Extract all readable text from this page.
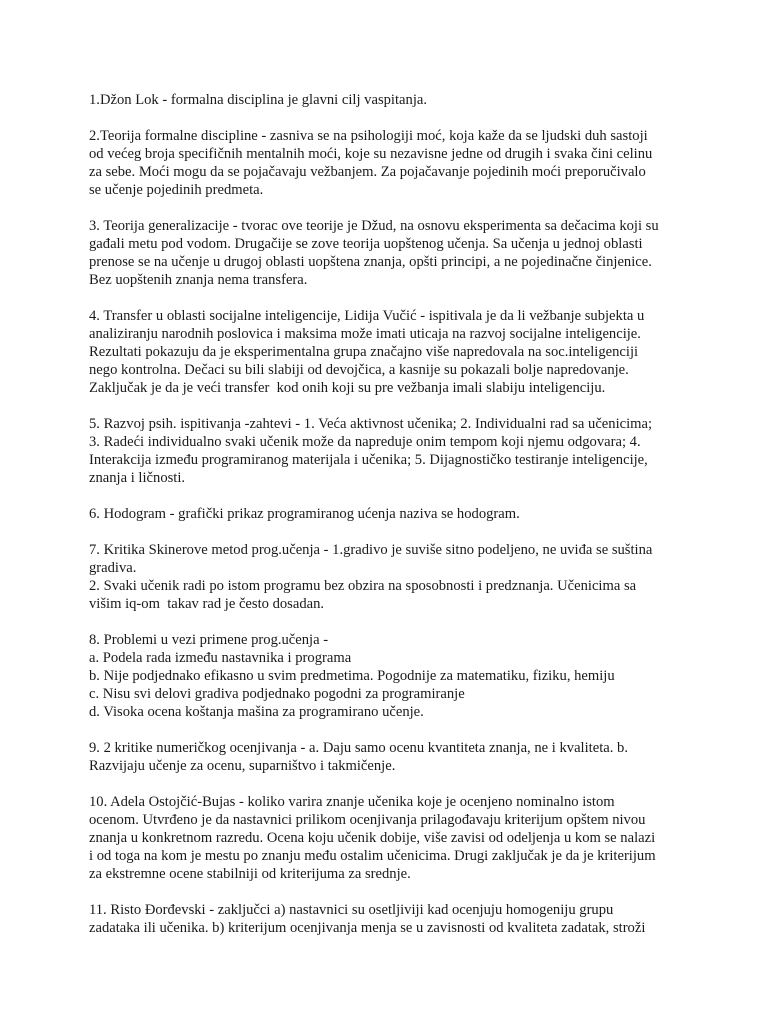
1.Džon Lok - formalna disciplina je glavni cilj vaspitanja.
2.Teorija formalne discipline - zasniva se na psihologiji moć, koja kaže da se ljudski duh sastoji
od većeg broja specifičnih mentalnih moći, koje su nezavisne jedne od drugih i svaka čini celinu
za sebe. Moći mogu da se pojačavaju vežbanjem. Za pojačavanje pojedinih moći preporučivalo
se učenje pojedinih predmeta.
3. Teorija generalizacije - tvorac ove teorije je Džud, na osnovu eksperimenta sa dečacima koji su
gađali metu pod vodom. Drugačije se zove teorija uopštenog učenja. Sa učenja u jednoj oblasti
prenose se na učenje u drugoj oblasti uopštena znanja, opšti principi, a ne pojedinačne činjenice.
Bez uopštenih znanja nema transfera.
4. Transfer u oblasti socijalne inteligencije, Lidija Vučić - ispitivala je da li vežbanje subjekta u
analiziranju narodnih poslovica i maksima može imati uticaja na razvoj socijalne inteligencije.
Rezultati pokazuju da je eksperimentalna grupa značajno više napredovala na soc.inteligenciji
nego kontrolna. Dečaci su bili slabiji od devojčica, a kasnije su pokazali bolje napredovanje.
Zaključak je da je veći transfer  kod onih koji su pre vežbanja imali slabiju inteligenciju.
5. Razvoj psih. ispitivanja -zahtevi - 1. Veća aktivnost učenika; 2. Individualni rad sa učenicima;
3. Radeći individualno svaki učenik može da napreduje onim tempom koji njemu odgovara; 4.
Interakcija između programiranog materijala i učenika; 5. Dijagnostičko testiranje inteligencije,
znanja i ličnosti.
6. Hodogram - grafički prikaz programiranog ućenja naziva se hodogram.
7. Kritika Skinerove metod prog.učenja - 1.gradivo je suviše sitno podeljeno, ne uviđa se suština
gradiva.
2. Svaki učenik radi po istom programu bez obzira na sposobnosti i predznanja. Učenicima sa
višim iq-om  takav rad je često dosadan.
8. Problemi u vezi primene prog.učenja -
a. Podela rada između nastavnika i programa
b. Nije podjednako efikasno u svim predmetima. Pogodnije za matematiku, fiziku, hemiju
c. Nisu svi delovi gradiva podjednako pogodni za programiranje
d. Visoka ocena koštanja mašina za programirano učenje.
9. 2 kritike numeričkog ocenjivanja - a. Daju samo ocenu kvantiteta znanja, ne i kvaliteta. b.
Razvijaju učenje za ocenu, suparništvo i takmičenje.
10. Adela Ostojčić-Bujas - koliko varira znanje učenika koje je ocenjeno nominalno istom
ocenom. Utvrđeno je da nastavnici prilikom ocenjivanja prilagođavaju kriterijum opštem nivou
znanja u konkretnom razredu. Ocena koju učenik dobije, više zavisi od odeljenja u kom se nalazi
i od toga na kom je mestu po znanju među ostalim učenicima. Drugi zaključak je da je kriterijum
za ekstremne ocene stabilniji od kriterijuma za srednje.
11. Risto Đorđevski - zaključci a) nastavnici su osetljiviji kad ocenjuju homogeniju grupu
zadataka ili učenika. b) kriterijum ocenjivanja menja se u zavisnosti od kvaliteta zadatak, stroži
